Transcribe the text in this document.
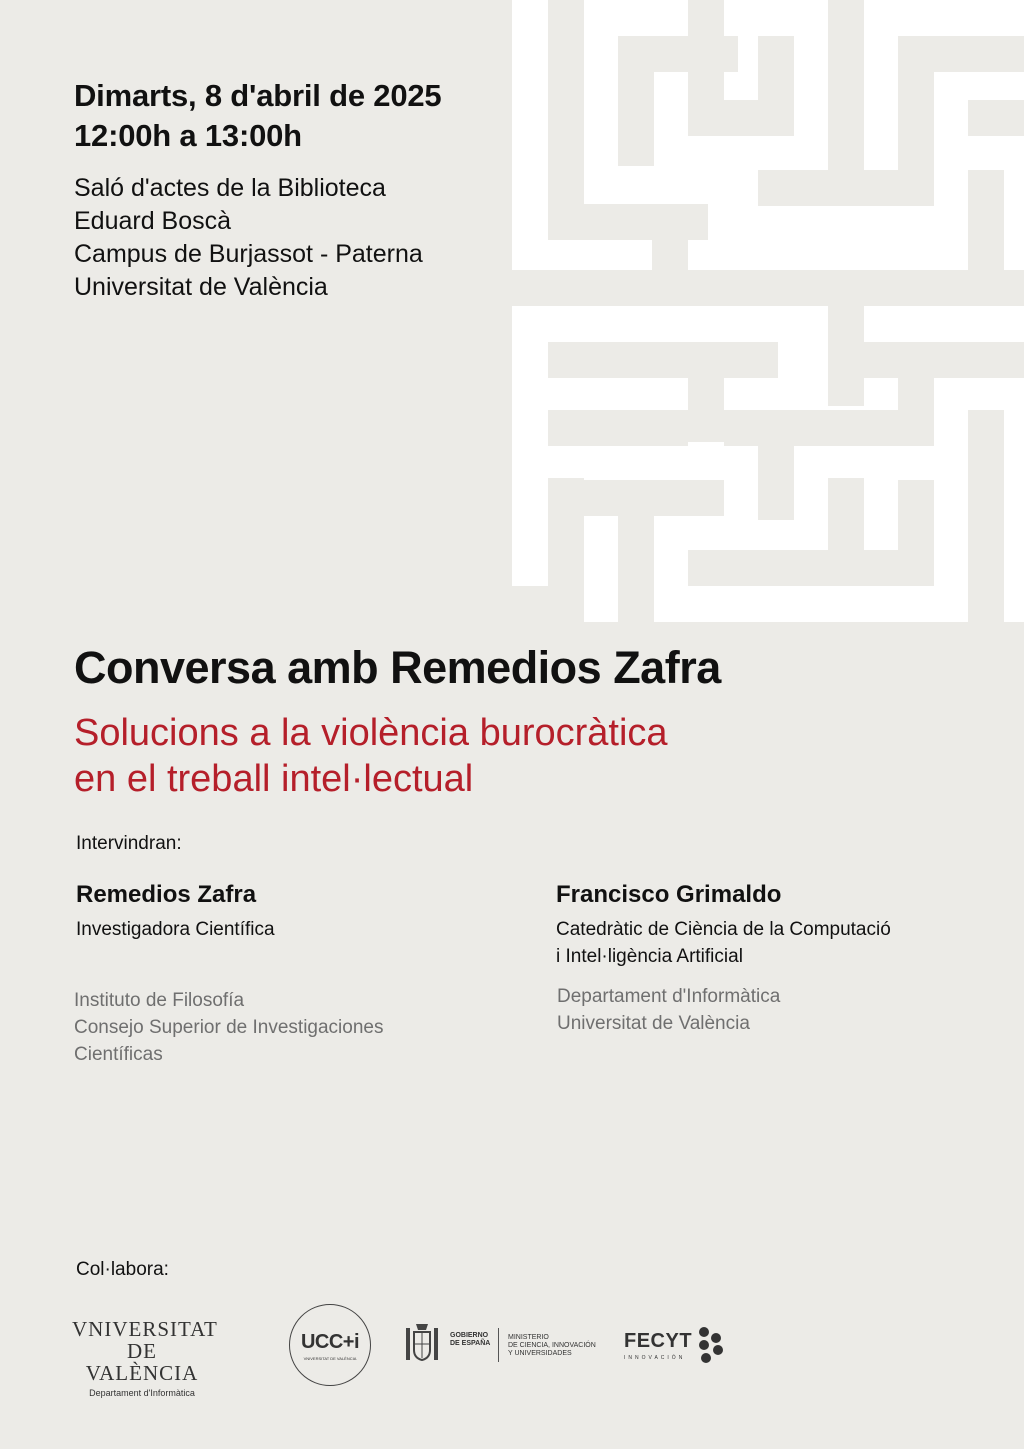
Dimarts, 8 d'abril de 2025
12:00h a 13:00h
Saló d'actes de la Biblioteca
Eduard Boscà
Campus de Burjassot - Paterna
Universitat de València
Conversa amb Remedios Zafra
Solucions a la violència burocràtica
en el treball intel·lectual
Intervindran:
Remedios Zafra
Investigadora Científica
Instituto de Filosofía
Consejo Superior de Investigaciones
Científicas
Francisco Grimaldo
Catedràtic de Ciència de la Computació
i Intel·ligència Artificial
Departament d'Informàtica
Universitat de València
Col·labora:
VNIVERSITAT
DE VALÈNCIA
Departament d'Informàtica
UCC+i
VNIVERSITAT DE VALÈNCIA
GOBIERNO
DE ESPAÑA
MINISTERIO
DE CIENCIA, INNOVACIÓN
Y UNIVERSIDADES
FECYT
INNOVACIÓN
